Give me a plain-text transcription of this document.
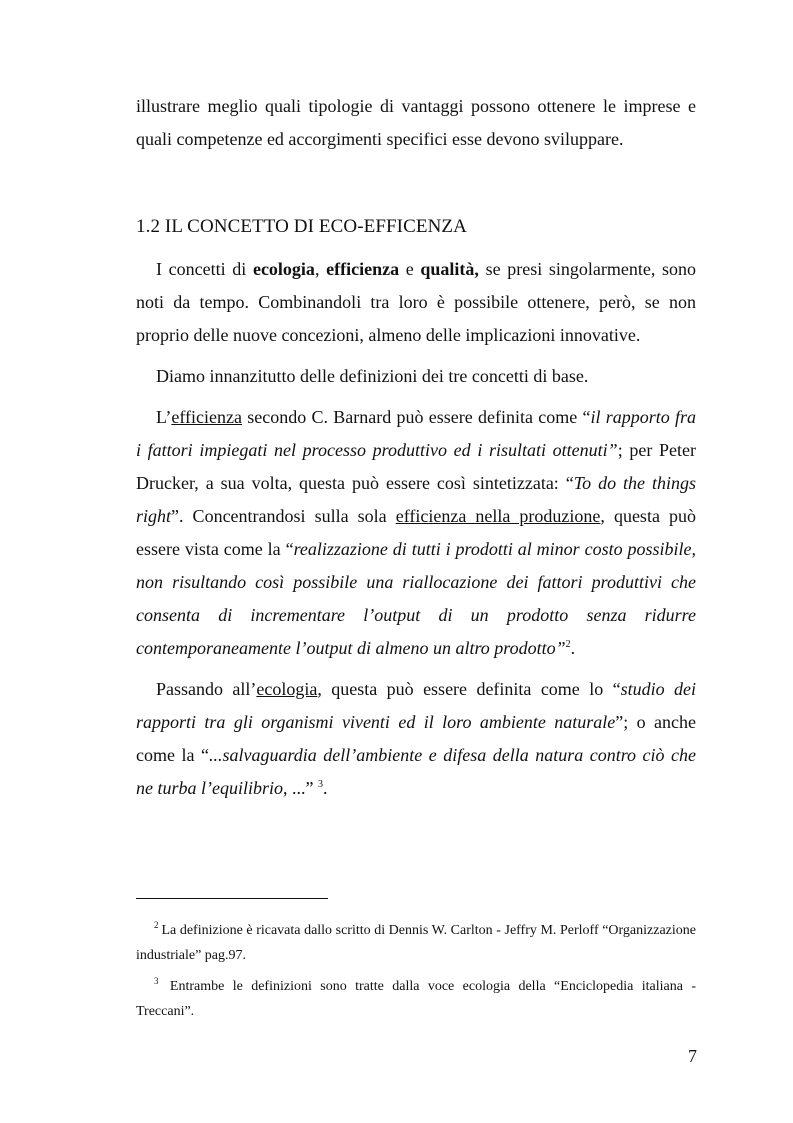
illustrare meglio quali tipologie di vantaggi possono ottenere le imprese e quali competenze ed accorgimenti specifici esse devono sviluppare.

1.2 IL CONCETTO DI ECO-EFFICENZA

I concetti di ecologia, efficienza e qualità, se presi singolarmente, sono noti da tempo. Combinandoli tra loro è possibile ottenere, però, se non proprio delle nuove concezioni, almeno delle implicazioni innovative.

Diamo innanzitutto delle definizioni dei tre concetti di base.

L’efficienza secondo C. Barnard può essere definita come “il rapporto fra i fattori impiegati nel processo produttivo ed i risultati ottenuti”; per Peter Drucker, a sua volta, questa può essere così sintetizzata: “To do the things right”. Concentrandosi sulla sola efficienza nella produzione, questa può essere vista come la “realizzazione di tutti i prodotti al minor costo possibile, non risultando così possibile una riallocazione dei fattori produttivi che consenta di incrementare l’output di un prodotto senza ridurre contemporaneamente l’output di almeno un altro prodotto”$^2$.

Passando all’ecologia, questa può essere definita come lo “studio dei rapporti tra gli organismi viventi ed il loro ambiente naturale”; o anche come la “...salvaguardia dell’ambiente e difesa della natura contro ciò che ne turba l’equilibrio, ...” $^3$.

$^2$ La definizione è ricavata dallo scritto di Dennis W. Carlton - Jeffry M. Perloff “Organizzazione industriale” pag.97.

$^3$ Entrambe le definizioni sono tratte dalla voce ecologia della “Enciclopedia italiana - Treccani”.

7
